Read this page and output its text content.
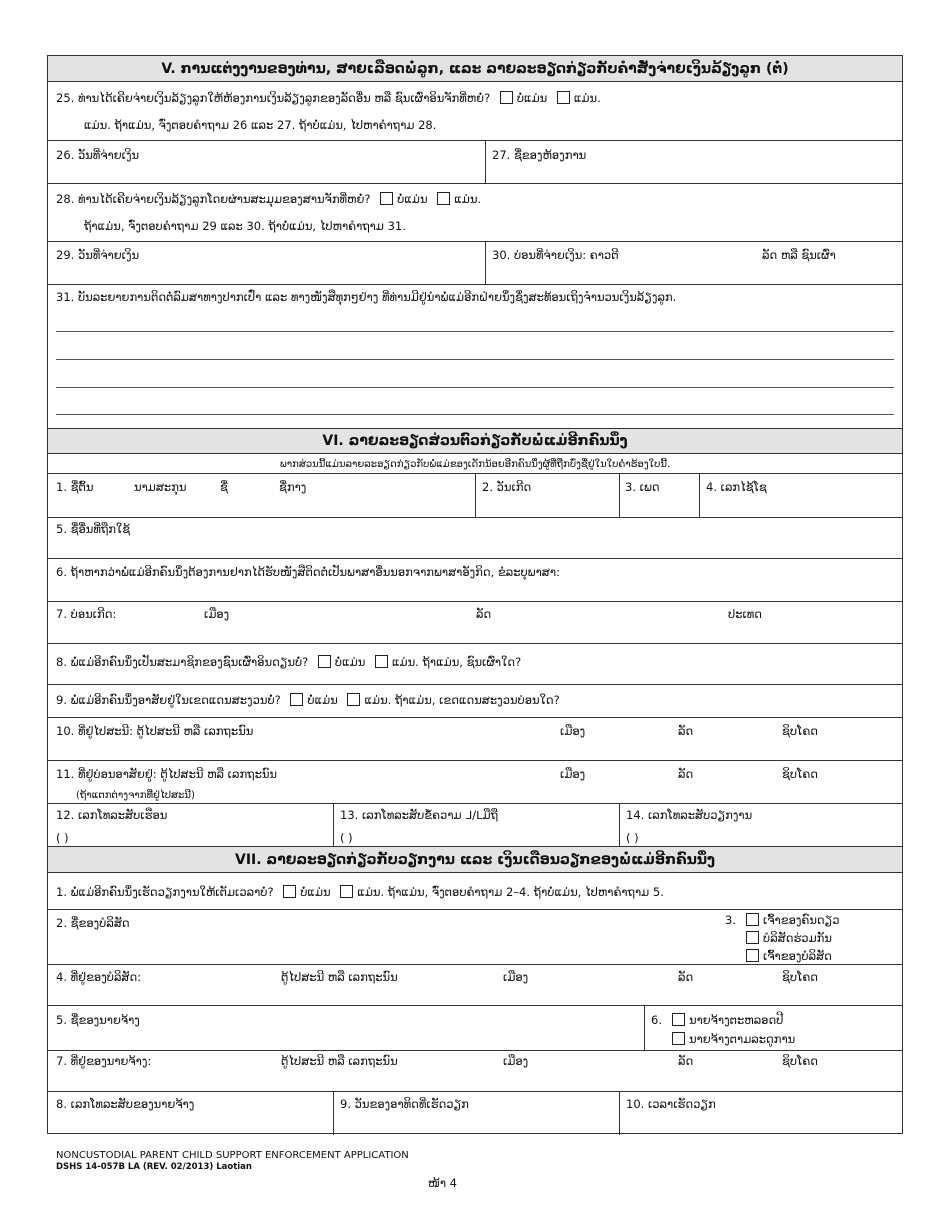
V. ການແຕ່ງງານຂອງທ່ານ, ສາຍເລືອດພໍ່ລູກ, ແລະ ລາຍລະອຽດກ່ຽວກັບຄໍາສັ່ງຈ່າຍເງິນລ້ຽງລູກ (ຕໍ່)
25. ທ່ານໄດ້ເຄີຍຈ່າຍເງິນລ້ຽງລູກໃຫ້ຫ້ອງການເງິນລ້ຽງລູກຂອງລັດອື່ນ ຫລື ຊົນເຜົ່າອິນຈັກທີ່ຫຍໍ່? ບໍ່ແມ່ນ ແມ່ນ.
ແມ່ນ. ຖ້າແມ່ນ, ຈົ່ງຕອບຄໍາຖາມ 26 ແລະ 27. ຖ້າບໍ່ແມ່ນ, ໄປຫາຄໍາຖາມ 28.
26. ວັນທີ່ຈ່າຍເງິນ	27. ຊື່ຂອງຫ້ອງການ
28. ທ່ານໄດ້ເຄີຍຈ່າຍເງິນລ້ຽງລູກໂດຍຜ່ານສະມຸມຂອງສານຈັກທີ່ຫຍໍ່? ບໍ່ແມ່ນ ແມ່ນ.
ຖ້າແມ່ນ, ຈົ່ງຕອບຄໍາຖາມ 29 ແລະ 30. ຖ້າບໍ່ແມ່ນ, ໄປຫາຄໍາຖາມ 31.
29. ວັນທີ່ຈ່າຍເງິນ	30. ບ່ອນທີ່ຈ່າຍເງິນ: ຄາວຕີ	ລັດ ຫລື ຊົນເຜົ່າ
31. ບັນລະຍາຍການຕິດຕໍ່ລົມສາທາງປາກເປົ່າ ແລະ ທາງໜັງສືທຸກໆຢ່າງ ທີ່ທ່ານມີຢູ່ນຳພໍ່ແມ່ອີກຝ່າຍນຶ່ງຊຶ່ງສະທ້ອນເຖິງຈຳນວນເງິນລ້ຽງລູກ.
VI. ລາຍລະອຽດສ່ວນຕົວກ່ຽວກັບພໍ່ແມ່ອີກຄົນນຶ່ງ
ພາກສ່ວນນີ້ແມ່ນລາຍລະອຽດກ່ຽວກັບພໍ່ແມ່ຂອງເດັກນ້ອຍອີກຄົນນຶ່ງຜູ້ທີ່ຖືກບົ່ງຊື່ຢູ່ໃນໃບຄໍາຮ້ອງໃບນີ້.
1. ຊື່ຕົ້ນ	ນາມສະກຸນ	ຊື່	ຊື່ກາງ	2. ວັນເກີດ	3. ເພດ	4. ເລກໄຊ້ໂຊ
5. ຊື່ອື່ນທີ່ຖືກໃຊ້
6. ຖ້າຫາກວ່າພໍ່ແມ່ອີກຄົນນຶ່ງຕ້ອງການຢາກໄດ້ຮັບໜັງສືຕິດຕໍ່ເປັນພາສາອື່ນນອກຈາກພາສາອັງກິດ, ຂໍລະບຸພາສາ:
7. ບ່ອນເກີດ:	ເມືອງ	ລັດ	ປະເທດ
8. ພໍ່ແມ່ອີກຄົນນຶ່ງເປັນສະມາຊິກຂອງຊົນເຜົ່າອິນດຽນບໍ່? ບໍ່ແມ່ນ ແມ່ນ. ຖ້າແມ່ນ, ຊົນເຜົ່າໃດ?
9. ພໍ່ແມ່ອີກຄົນນຶ່ງອາສັຍຢູ່ໃນເຂດແດນສະງວນບໍ່? ບໍ່ແມ່ນ ແມ່ນ. ຖ້າແມ່ນ, ເຂດແດນສະງວນບ່ອນໃດ?
10. ທີ່ຢູ່ໄປສະນີ: ຕູ້ໄປສະນີ ຫລື ເລກຖະນົນ	ເມືອງ	ລັດ	ຊິບໂຄດ
11. ທີ່ຢູ່ບ່ອນອາສັຍຢູ່: ຕູ້ໄປສະນີ ຫລື ເລກຖະນົນ
(ຖ້າແຕກຕ່າງຈາກທີ່ຢູ່ໄປສະນີ)
ເມືອງ	ລັດ	ຊິບໂຄດ
12. ເລກໂທລະສັບເຮືອນ
( )
13. ເລກໂທລະສັບຂໍ້ຄວາມ ᒧ/ᒪມືຖື
( )
14. ເລກໂທລະສັບວຽກງານ
( )
VII. ລາຍລະອຽດກ່ຽວກັບວຽກງານ ແລະ ເງິນເດືອນວຽກຂອງພໍ່ແມ່ອີກຄົນນຶ່ງ
1. ພໍ່ແມ່ອີກຄົນນຶ່ງເຮັດວຽກງານໃຫ້ເຕັມເວລາບໍ່? ບໍ່ແມ່ນ ແມ່ນ. ຖ້າແມ່ນ, ຈົ່ງຕອບຄໍາຖາມ 2–4. ຖ້າບໍ່ແມ່ນ, ໄປຫາຄໍາຖາມ 5.
2. ຊື່ຂອງບໍລິສັດ	3.	ເຈົ້າຂອງຄົນດຽວ
ບໍລິສັດຮ່ວມກັນ
ເຈົ້າຂອງບໍລິສັດ
4. ທີ່ຢູ່ຂອງບໍລິສັດ:	ຕູ້ໄປສະນີ ຫລື ເລກຖະນົນ	ເມືອງ	ລັດ	ຊິບໂຄດ
5. ຊື່ຂອງນາຍຈ້າງ	6.	ນາຍຈ້າງຕະຫລອດປີ
ນາຍຈ້າງຕາມລະດູການ
7. ທີ່ຢູ່ຂອງນາຍຈ້າງ:	ຕູ້ໄປສະນີ ຫລື ເລກຖະນົນ	ເມືອງ	ລັດ	ຊິບໂຄດ
8. ເລກໂທລະສັບຂອງນາຍຈ້າງ	9. ວັນຂອງອາທິດທີ່ເຮັດວຽກ	10. ເວລາເຮັດວຽກ
NONCUSTODIAL PARENT CHILD SUPPORT ENFORCEMENT APPLICATION
DSHS 14-057B LA (REV. 02/2013) Laotian
ໜ້າ 4
